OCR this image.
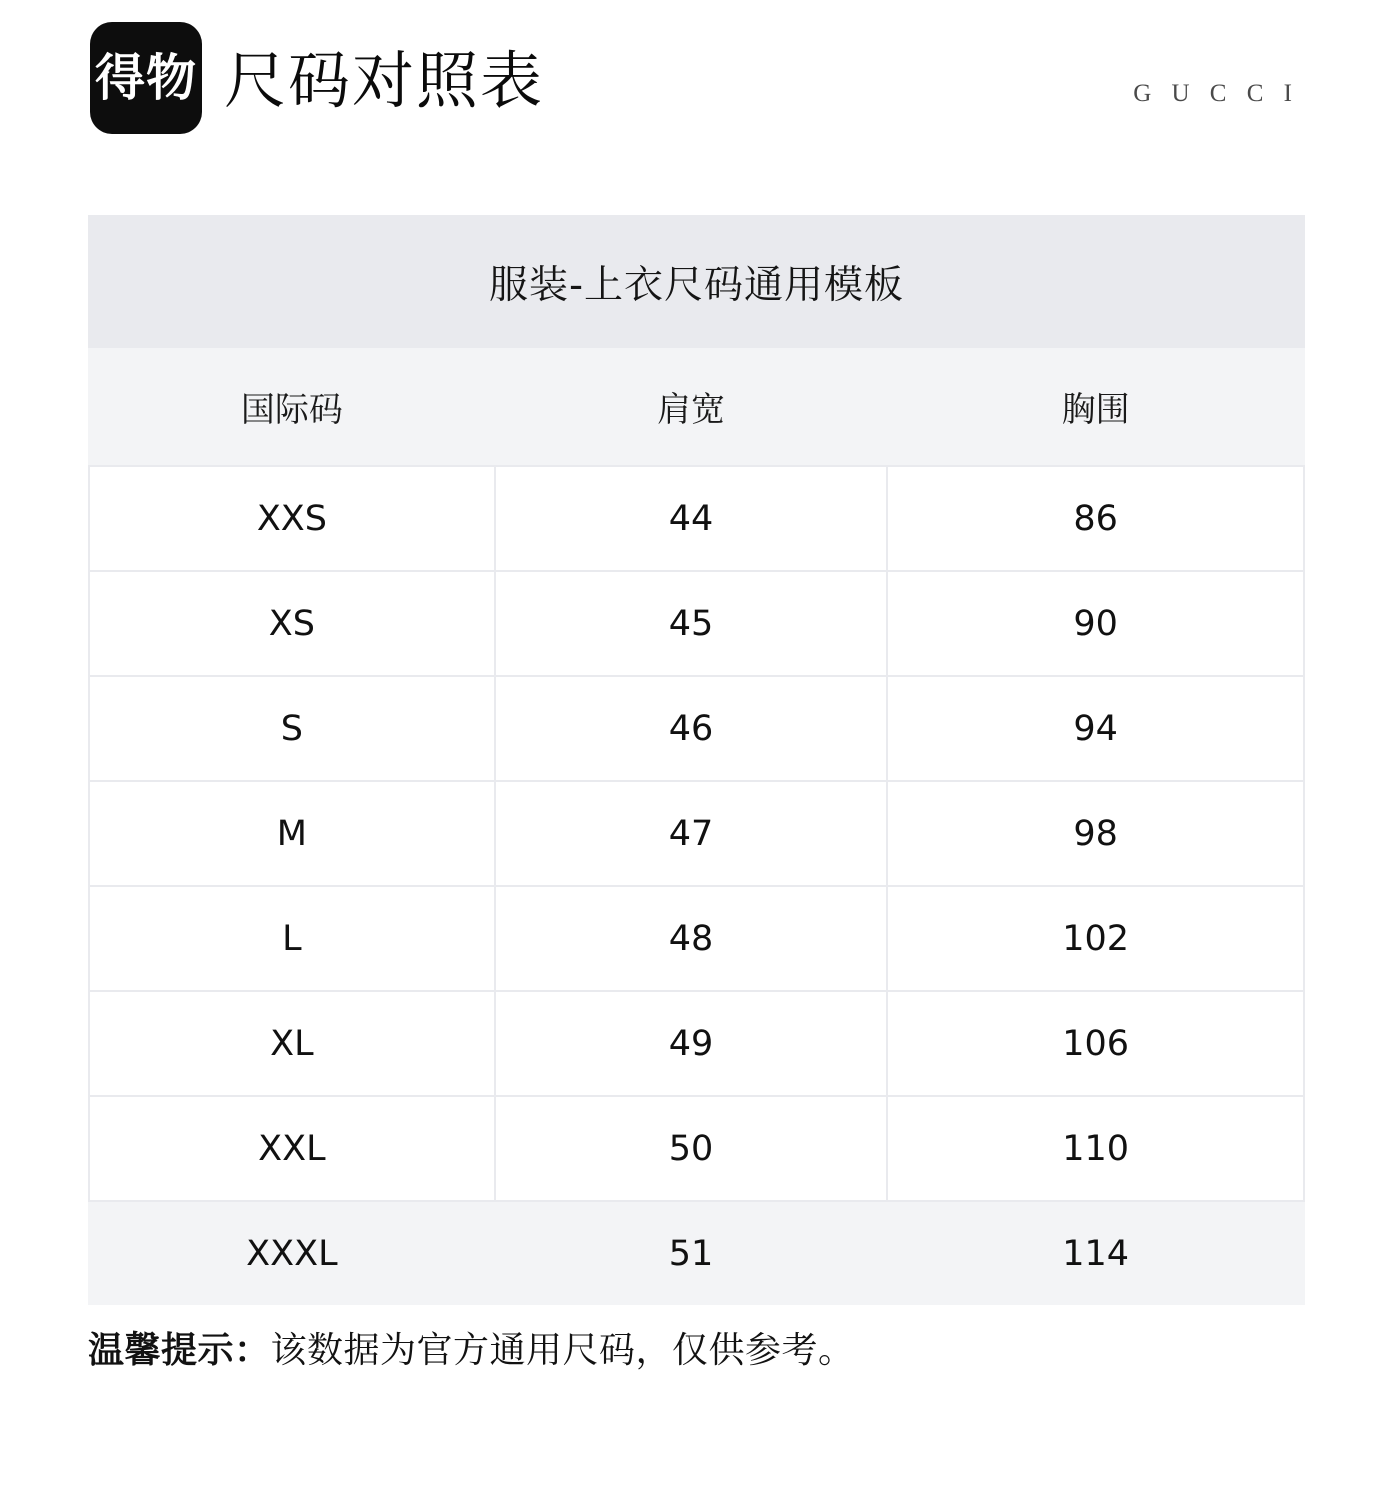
得物 尺码对照表	G U C C I
服装-上衣尺码通用模板
国际码	肩宽	胸围
XXS	44	86
XS	45	90
S	46	94
M	47	98
L	48	102
XL	49	106
XXL	50	110
XXXL	51	114
温馨提示：该数据为官方通用尺码，仅供参考。
